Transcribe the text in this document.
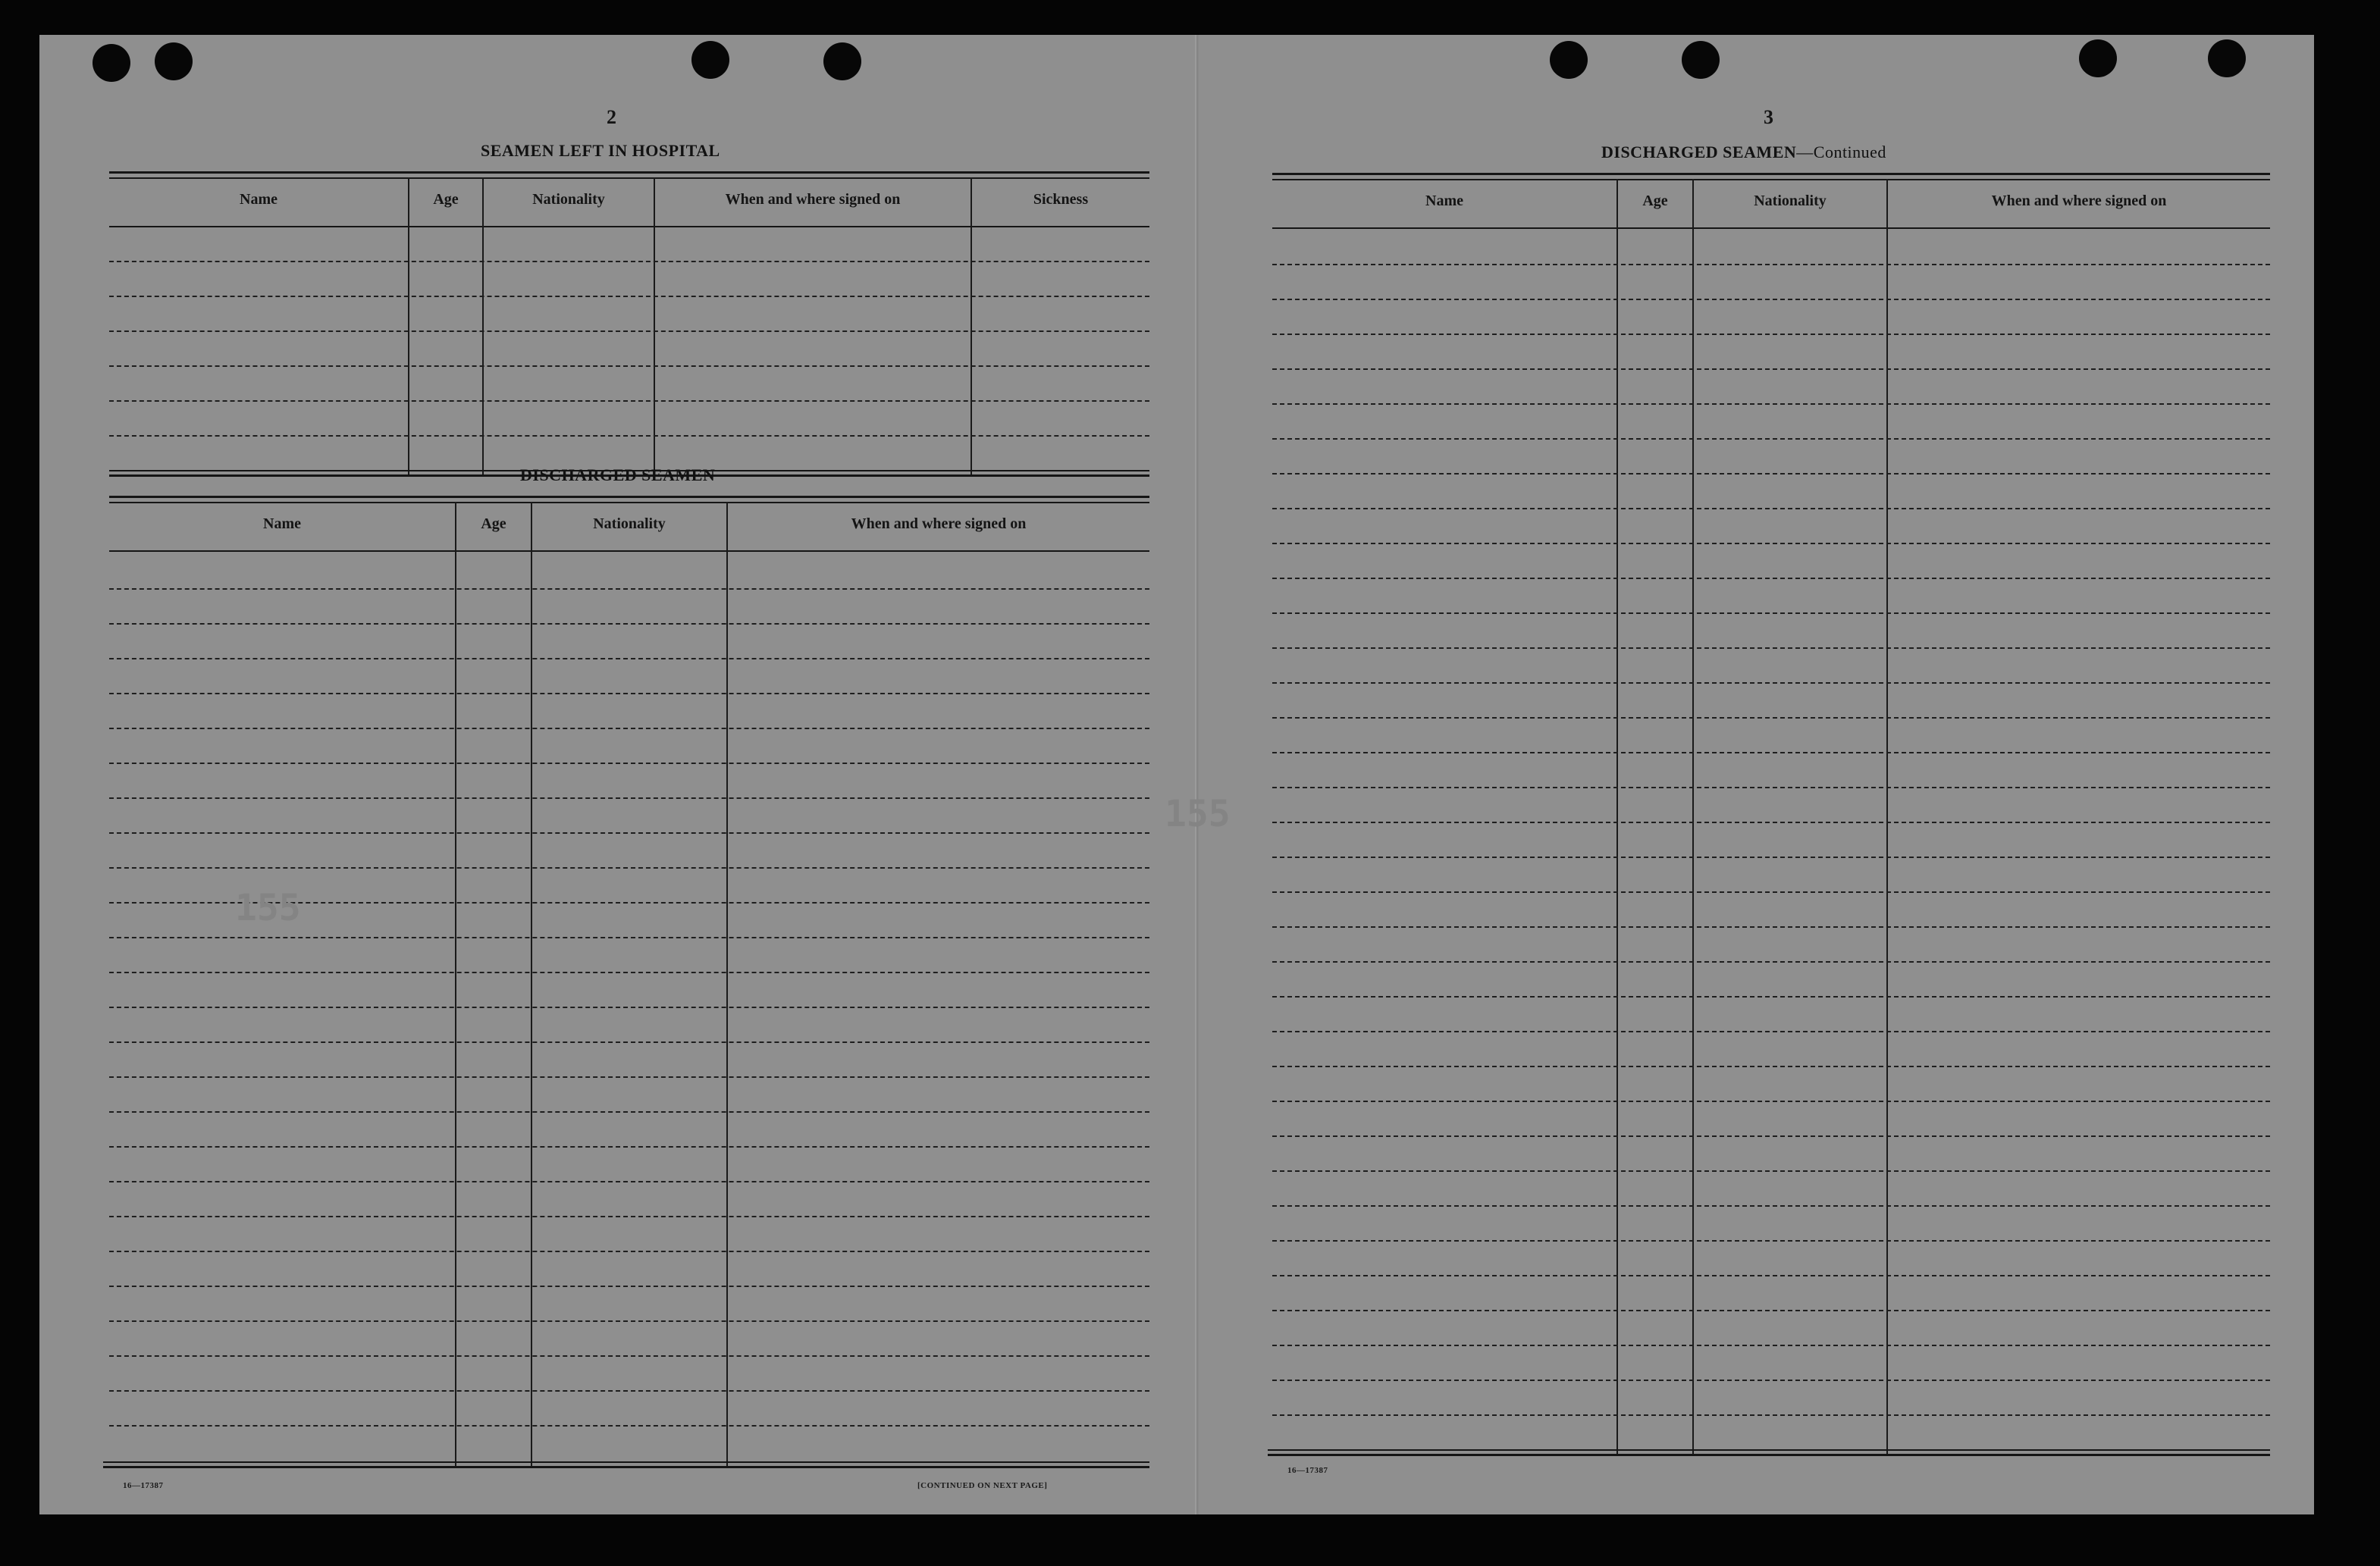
2
SEAMEN LEFT IN HOSPITAL
Name	Age	Nationality	When and where signed on	Sickness
DISCHARGED SEAMEN
Name	Age	Nationality	When and where signed on
16—17387	[CONTINUED ON NEXT PAGE]
155
3
DISCHARGED SEAMEN—Continued
Name	Age	Nationality	When and where signed on
16—17387
155
